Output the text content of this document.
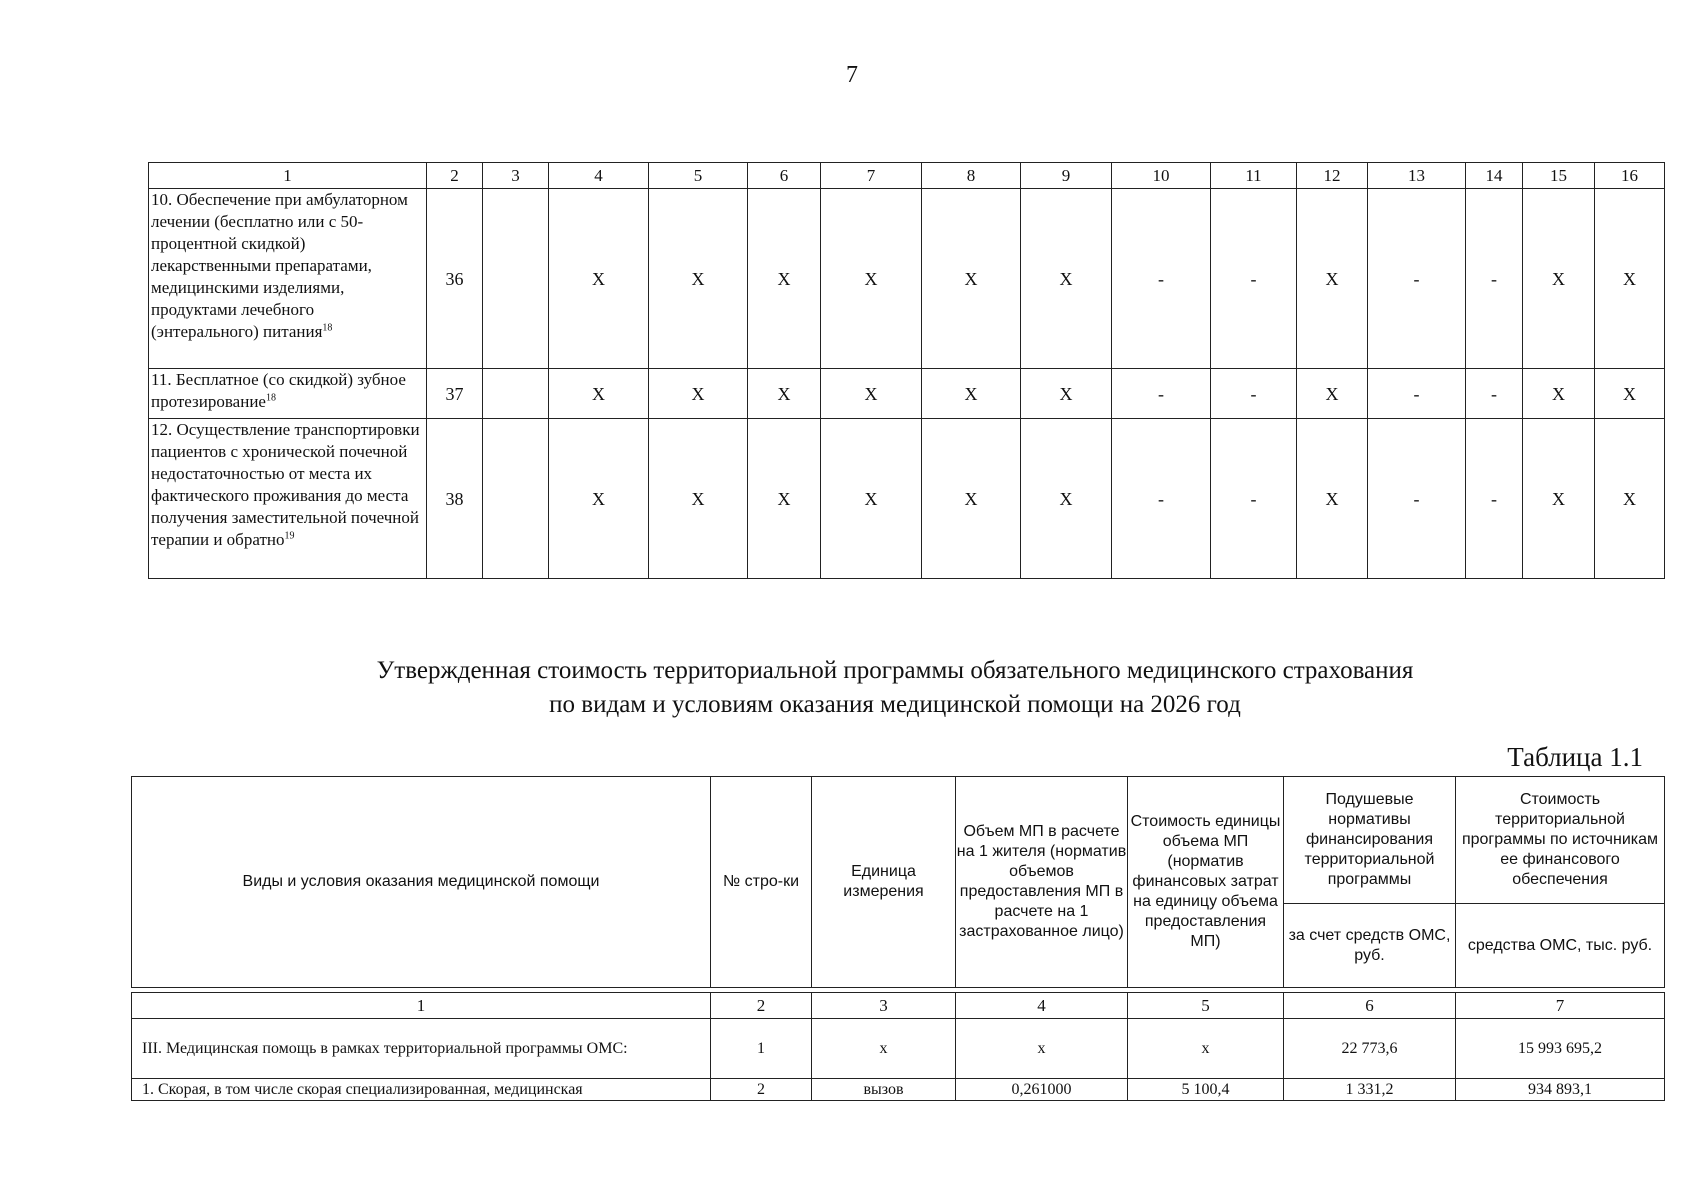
7
1	2	3	4	5	6	7	8	9	10	11	12	13	14	15	16
10. Обеспечение при амбулаторном лечении (бесплатно или с 50-процентной скидкой) лекарственными препаратами, медицинскими изделиями, продуктами лечебного (энтерального) питания$^{18}$	36		X	X	X	X	X	X	-	-	X	-	-	X	X
11. Бесплатное (со скидкой) зубное протезирование$^{18}$	37		X	X	X	X	X	X	-	-	X	-	-	X	X
12. Осуществление транспортировки пациентов с хронической почечной недостаточностью от места их фактического проживания до места получения заместительной почечной терапии и обратно$^{19}$	38		X	X	X	X	X	X	-	-	X	-	-	X	X
Утвержденная стоимость территориальной программы обязательного медицинского страхования
по видам и условиям оказания медицинской помощи на 2026 год
Таблица 1.1
Виды и условия оказания медицинской помощи	№ стро-ки	Единица измерения	Объем МП в расчете на 1 жителя (норматив объемов предоставления МП в расчете на 1 застрахованное лицо)	Стоимость единицы объема МП (норматив финансовых затрат на единицу объема предоставления МП)	Подушевые нормативы финансирования территориальной программы	Стоимость территориальной программы по источникам ее финансового обеспечения
					за счет средств ОМС, руб.	средства ОМС, тыс. руб.

1	2	3	4	5	6	7
III. Медицинская помощь в рамках территориальной программы ОМС:	1	х	х	х	22 773,6	15 993 695,2
1. Скорая, в том числе скорая специализированная, медицинская	2	вызов	0,261000	5 100,4	1 331,2	934 893,1
